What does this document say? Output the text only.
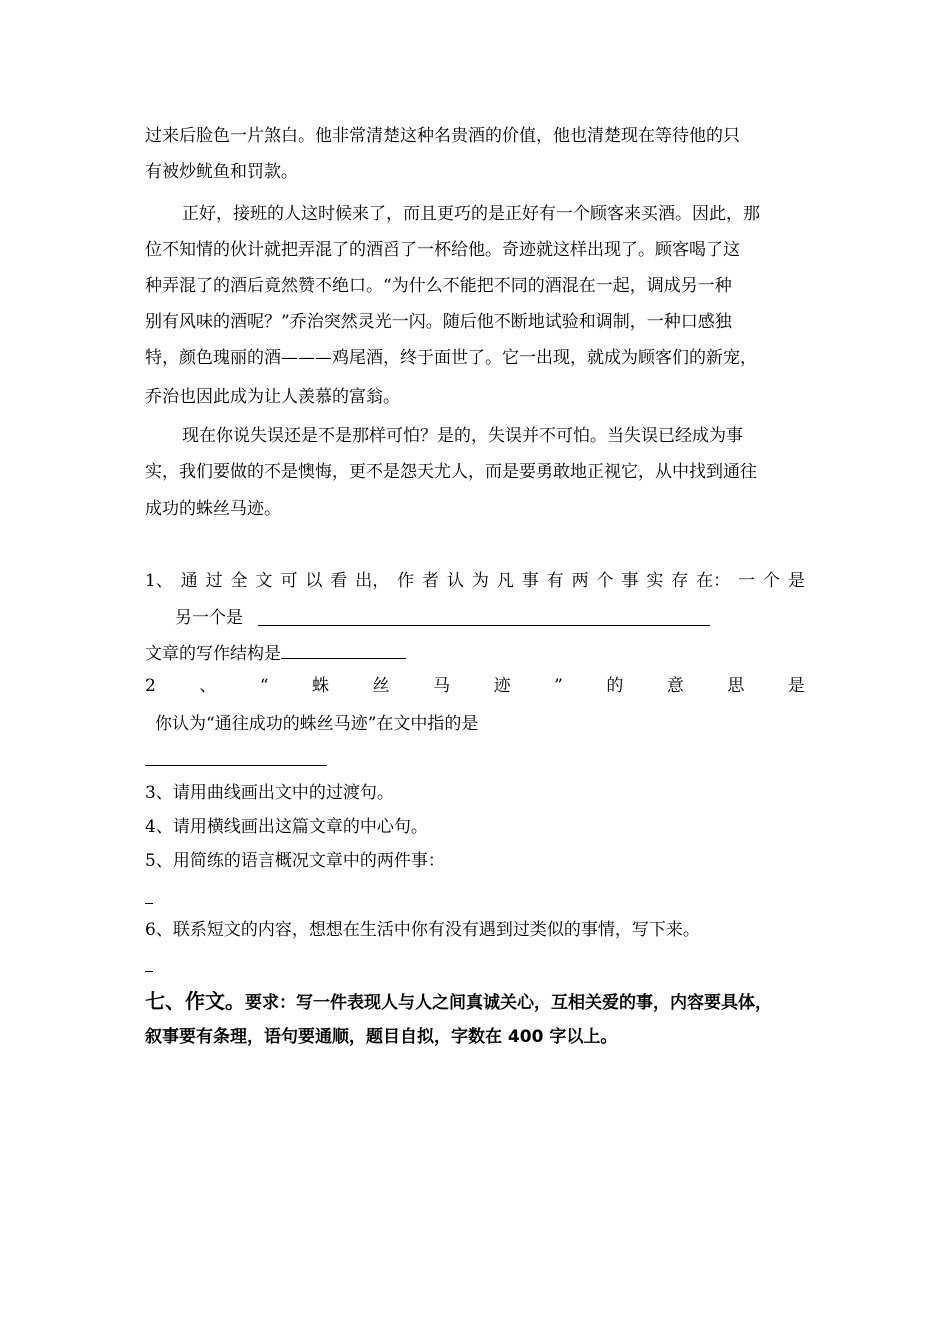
过来后脸色一片煞白。他非常清楚这种名贵酒的价值，他也清楚现在等待他的只
有被炒鱿鱼和罚款。
正好，接班的人这时候来了，而且更巧的是正好有一个顾客来买酒。因此，那
位不知情的伙计就把弄混了的酒舀了一杯给他。奇迹就这样出现了。顾客喝了这
种弄混了的酒后竟然赞不绝口。“为什么不能把不同的酒混在一起，调成另一种
别有风味的酒呢？”乔治突然灵光一闪。随后他不断地试验和调制，一种口感独
特，颜色瑰丽的酒———鸡尾酒，终于面世了。它一出现，就成为顾客们的新宠，
乔治也因此成为让人羡慕的富翁。
现在你说失误还是不是那样可怕？是的，失误并不可怕。当失误已经成为事
实，我们要做的不是懊悔，更不是怨天尤人，而是要勇敢地正视它，从中找到通往
成功的蛛丝马迹。
1、 通 过 全 文 可 以 看 出， 作 者 认 为 凡 事 有 两 个 事 实 存 在： 一 个 是
另一个是
文章的写作结构是
2	、	“	蛛	丝	马	迹	”	的	意	思	是
你认为“通往成功的蛛丝马迹”在文中指的是
3、请用曲线画出文中的过渡句。
4、请用横线画出这篇文章的中心句。
5、用简练的语言概况文章中的两件事：
6、联系短文的内容，想想在生活中你有没有遇到过类似的事情，写下来。
七、作文。要求：写一件表现人与人之间真诚关心，互相关爱的事，内容要具体，
叙事要有条理，语句要通顺，题目自拟，字数在 400 字以上。
